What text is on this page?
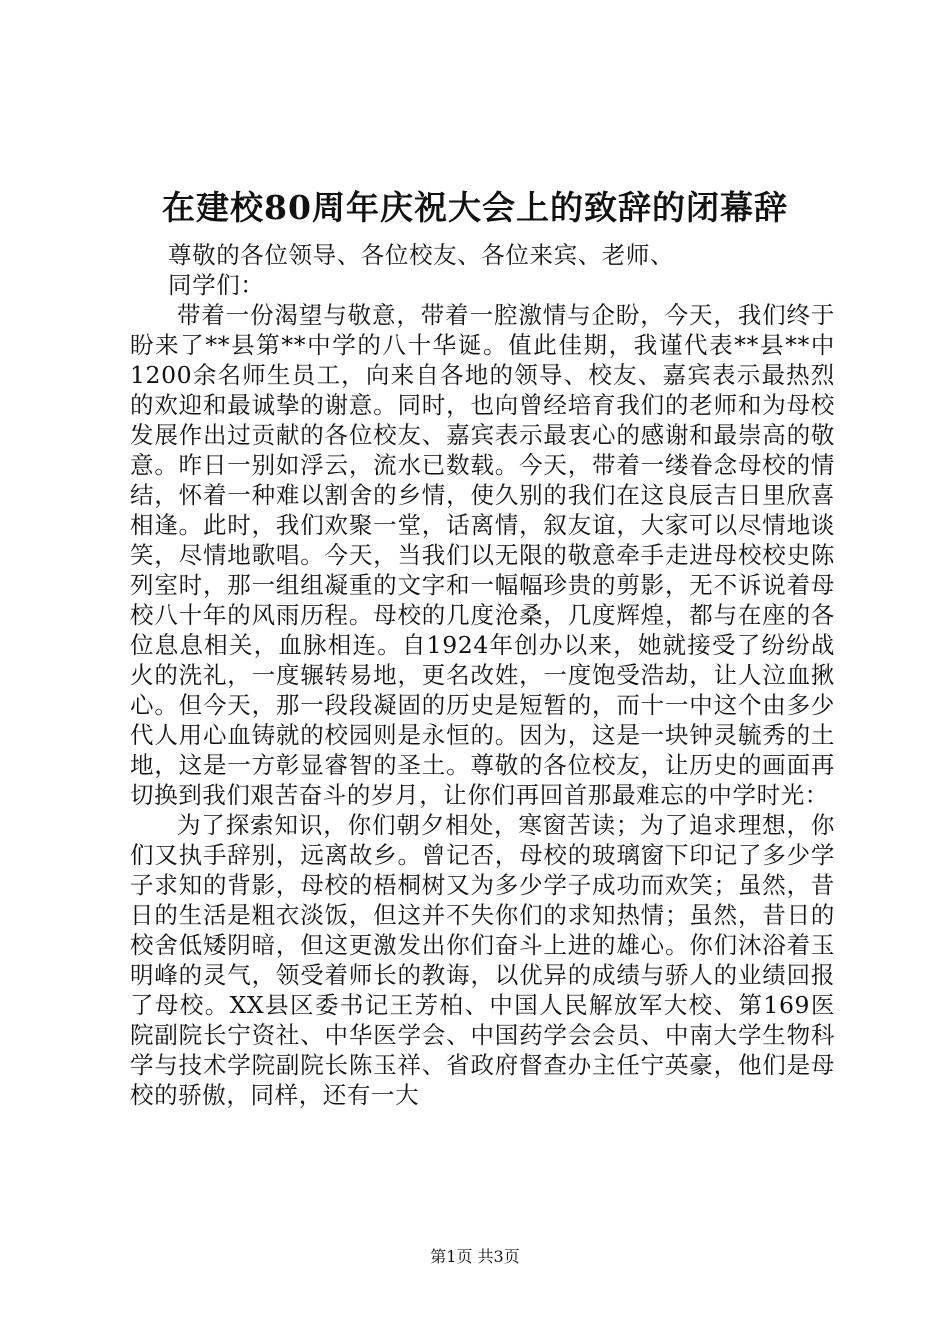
在建校80周年庆祝大会上的致辞的闭幕辞

尊敬的各位领导、各位校友、各位来宾、老师、

同学们：

带着一份渴望与敬意，带着一腔激情与企盼，今天，我们终于盼来了**县第**中学的八十华诞。值此佳期，我谨代表**县**中1200余名师生员工，向来自各地的领导、校友、嘉宾表示最热烈的欢迎和最诚挚的谢意。同时，也向曾经培育我们的老师和为母校发展作出过贡献的各位校友、嘉宾表示最衷心的感谢和最崇高的敬意。昨日一别如浮云，流水已数载。今天，带着一缕眷念母校的情结，怀着一种难以割舍的乡情，使久别的我们在这良辰吉日里欣喜相逢。此时，我们欢聚一堂，话离情，叙友谊，大家可以尽情地谈笑，尽情地歌唱。今天，当我们以无限的敬意牵手走进母校校史陈列室时，那一组组凝重的文字和一幅幅珍贵的剪影，无不诉说着母校八十年的风雨历程。母校的几度沧桑，几度辉煌，都与在座的各位息息相关，血脉相连。自1924年创办以来，她就接受了纷纷战火的洗礼，一度辗转易地，更名改姓，一度饱受浩劫，让人泣血揪心。但今天，那一段段凝固的历史是短暂的，而十一中这个由多少代人用心血铸就的校园则是永恒的。因为，这是一块钟灵毓秀的土地，这是一方彰显睿智的圣土。尊敬的各位校友，让历史的画面再切换到我们艰苦奋斗的岁月，让你们再回首那最难忘的中学时光：

为了探索知识，你们朝夕相处，寒窗苦读；为了追求理想，你们又执手辞别，远离故乡。曾记否，母校的玻璃窗下印记了多少学子求知的背影，母校的梧桐树又为多少学子成功而欢笑；虽然，昔日的生活是粗衣淡饭，但这并不失你们的求知热情；虽然，昔日的校舍低矮阴暗，但这更激发出你们奋斗上进的雄心。你们沐浴着玉明峰的灵气，领受着师长的教诲，以优异的成绩与骄人的业绩回报了母校。XX县区委书记王芳柏、中国人民解放军大校、第169医院副院长宁资社、中华医学会、中国药学会会员、中南大学生物科学与技术学院副院长陈玉祥、省政府督查办主任宁英豪，他们是母校的骄傲，同样，还有一大

第1页 共3页
